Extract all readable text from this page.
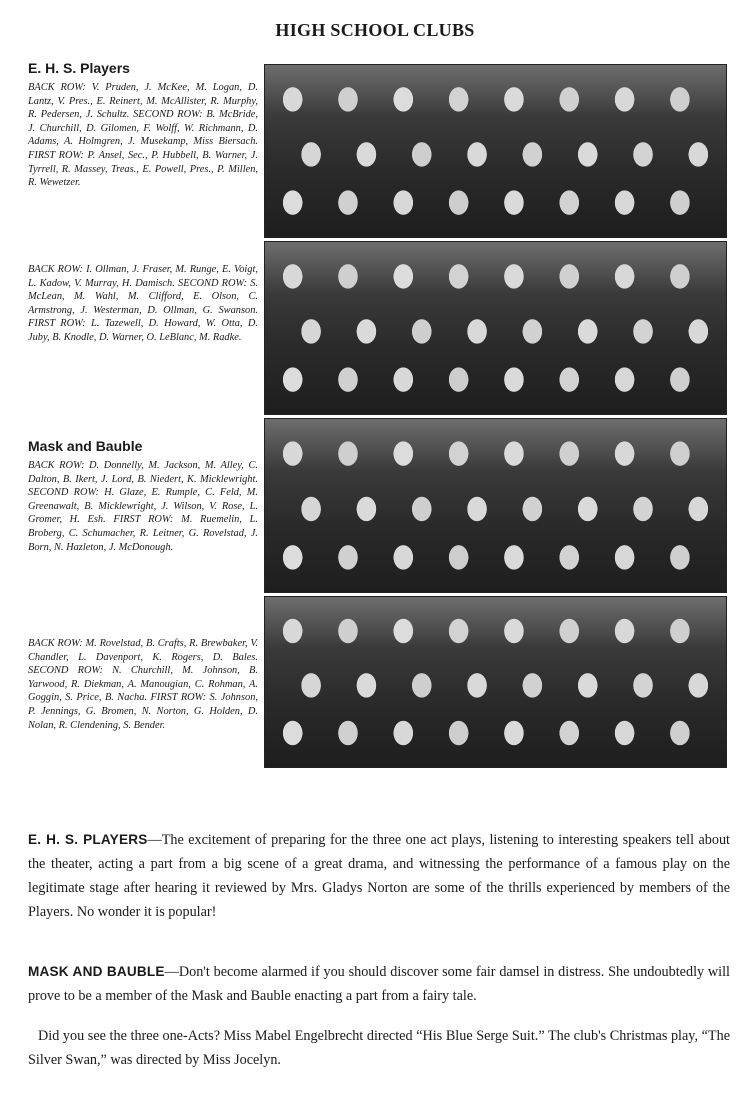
HIGH SCHOOL CLUBS
E. H. S. Players

BACK ROW: V. Pruden, J. McKee, M. Logan, D. Lantz, V. Pres., E. Reinert, M. McAllister, R. Murphy, R. Pedersen, J. Schultz. SECOND ROW: B. McBride, J. Churchill, D. Gilomen, F. Wolff, W. Richmann, D. Adams, A. Holmgren, J. Musekamp, Miss Biersach. FIRST ROW: P. Ansel, Sec., P. Hubbell, B. Warner, J. Tyrrell, R. Massey, Treas., E. Powell, Pres., P. Millen, R. Wewetzer.

BACK ROW: I. Ollman, J. Fraser, M. Runge, E. Voigt, L. Kadow, V. Murray, H. Damisch. SECOND ROW: S. McLean, M. Wahl, M. Clifford, E. Olson, C. Armstrong, J. Westerman, D. Ollman, G. Swanson. FIRST ROW: L. Tazewell, D. Howard, W. Otta, D. Juby, B. Knodle, D. Warner, O. LeBlanc, M. Radke.

Mask and Bauble

BACK ROW: D. Donnelly, M. Jackson, M. Alley, C. Dalton, B. Ikert, J. Lord, B. Niedert, K. Micklewright. SECOND ROW: H. Glaze, E. Rumple, C. Feld, M. Greenawalt, B. Micklewright, J. Wilson, V. Rose, L. Gromer, H. Esh. FIRST ROW: M. Ruemelin, L. Broberg, C. Schumacher, R. Leitner, G. Rovelstad, J. Born, N. Hazleton, J. McDonough.

BACK ROW: M. Rovelstad, B. Crafts, R. Brewbaker, V. Chandler, L. Davenport, K. Rogers, D. Bales. SECOND ROW: N. Churchill, M. Johnson, B. Yarwood, R. Diekman, A. Manougian, C. Rohman, A. Goggin, S. Price, B. Nacha. FIRST ROW: S. Johnson, P. Jennings, G. Bromen, N. Norton, G. Holden, D. Nolan, R. Clendening, S. Bender.

E. H. S. PLAYERS—The excitement of preparing for the three one act plays, listening to interesting speakers tell about the theater, acting a part from a big scene of a great drama, and witnessing the performance of a famous play on the legitimate stage after hearing it reviewed by Mrs. Gladys Norton are some of the thrills experienced by members of the Players. No wonder it is popular!

MASK AND BAUBLE—Don't become alarmed if you should discover some fair damsel in distress. She undoubtedly will prove to be a member of the Mask and Bauble enacting a part from a fairy tale.

Did you see the three one-Acts? Miss Mabel Engelbrecht directed “His Blue Serge Suit.” The club's Christmas play, “The Silver Swan,” was directed by Miss Jocelyn.
